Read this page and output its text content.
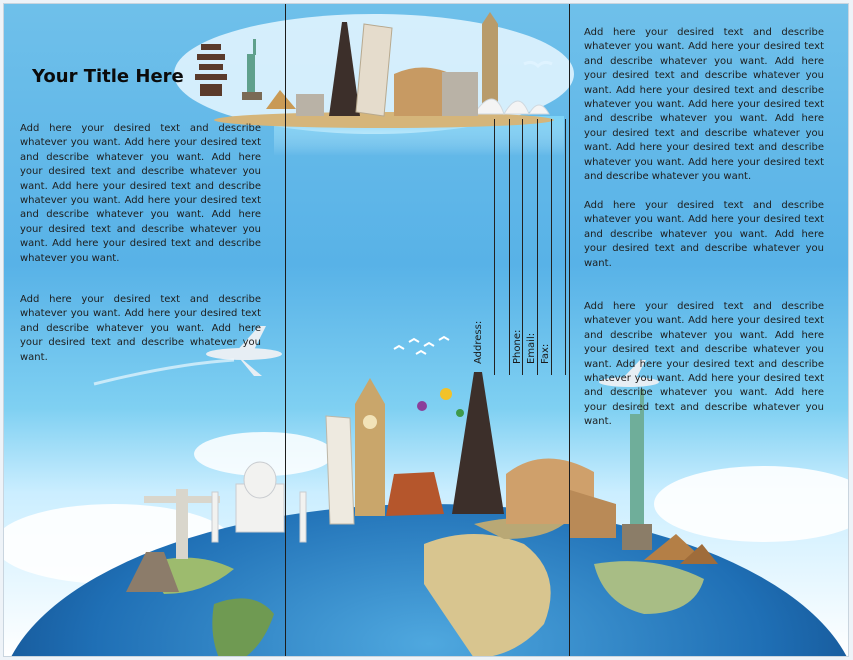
Your Title Here

Add here your desired text and describe whatever you want. Add here your desired text and describe whatever you want. Add here your desired text and describe whatever you want. Add here your desired text and describe whatever you want. Add here your desired text and describe whatever you want. Add here your desired text and describe whatever you want. Add here your desired text and describe whatever you want.

Add here your desired text and describe whatever you want. Add here your desired text and describe whatever you want. Add here your desired text and describe whatever you want.	Address:	Phone: Email: Fax:

Add here your desired text and describe whatever you want. Add here your desired text and describe whatever you want. Add here your desired text and describe whatever you want. Add here your desired text and describe whatever you want. Add here your desired text and describe whatever you want. Add here your desired text and describe whatever you want. Add here your desired text and describe whatever you want. Add here your desired text and describe whatever you want.

Add here your desired text and describe whatever you want. Add here your desired text and describe whatever you want. Add here your desired text and describe whatever you want.

Add here your desired text and describe whatever you want. Add here your desired text and describe whatever you want. Add here your desired text and describe whatever you want. Add here your desired text and describe whatever you want. Add here your desired text and describe whatever you want. Add here your desired text and describe whatever you want.
